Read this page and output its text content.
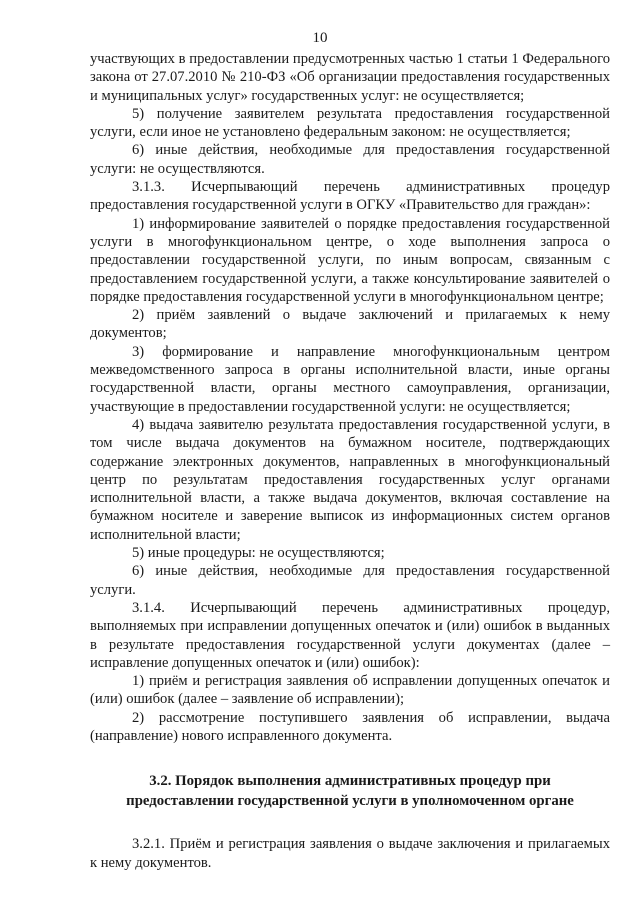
10

участвующих в предоставлении предусмотренных частью 1 статьи 1 Федерального закона от 27.07.2010 № 210-ФЗ «Об организации предоставления государственных и муниципальных услуг» государственных услуг: не осуществляется;

5) получение заявителем результата предоставления государственной услуги, если иное не установлено федеральным законом: не осуществляется;

6) иные действия, необходимые для предоставления государственной услуги: не осуществляются.

3.1.3. Исчерпывающий перечень административных процедур предоставления государственной услуги в ОГКУ «Правительство для граждан»:

1) информирование заявителей о порядке предоставления государственной услуги в многофункциональном центре, о ходе выполнения запроса о предоставлении государственной услуги, по иным вопросам, связанным с предоставлением государственной услуги, а также консультирование заявителей о порядке предоставления государственной услуги в многофункциональном центре;

2) приём заявлений о выдаче заключений и прилагаемых к нему документов;

3) формирование и направление многофункциональным центром межведомственного запроса в органы исполнительной власти, иные органы государственной власти, органы местного самоуправления, организации, участвующие в предоставлении государственной услуги: не осуществляется;

4) выдача заявителю результата предоставления государственной услуги, в том числе выдача документов на бумажном носителе, подтверждающих содержание электронных документов, направленных в многофункциональный центр по результатам предоставления государственных услуг органами исполнительной власти, а также выдача документов, включая составление на бумажном носителе и заверение выписок из информационных систем органов исполнительной власти;

5) иные процедуры: не осуществляются;

6) иные действия, необходимые для предоставления государственной услуги.

3.1.4. Исчерпывающий перечень административных процедур, выполняемых при исправлении допущенных опечаток и (или) ошибок в выданных в результате предоставления государственной услуги документах (далее – исправление допущенных опечаток и (или) ошибок):

1) приём и регистрация заявления об исправлении допущенных опечаток и (или) ошибок (далее – заявление об исправлении);

2) рассмотрение поступившего заявления об исправлении, выдача (направление) нового исправленного документа.

3.2. Порядок выполнения административных процедур при
предоставлении государственной услуги в уполномоченном органе

3.2.1. Приём и регистрация заявления о выдаче заключения и прилагаемых к нему документов.
